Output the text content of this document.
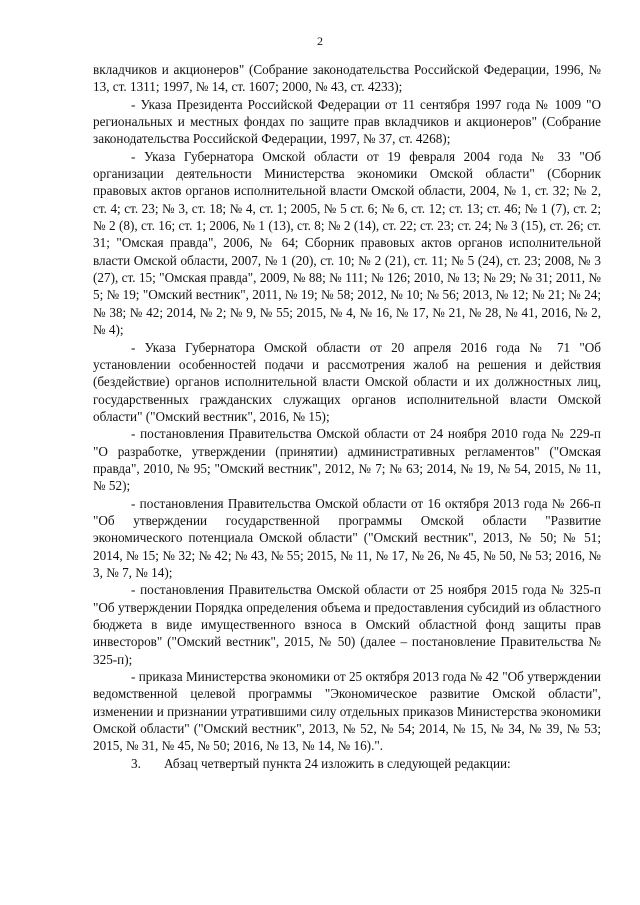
2

вкладчиков и акционеров" (Собрание законодательства Российской Федерации, 1996, № 13, ст. 1311; 1997, № 14, ст. 1607; 2000, № 43, ст. 4233);

- Указа Президента Российской Федерации от 11 сентября 1997 года № 1009 "О региональных и местных фондах по защите прав вкладчиков и акционеров" (Собрание законодательства Российской Федерации, 1997, № 37, ст. 4268);

- Указа Губернатора Омской области от 19 февраля 2004 года № 33 "Об организации деятельности Министерства экономики Омской области" (Сборник правовых актов органов исполнительной власти Омской области, 2004, № 1, ст. 32; № 2, ст. 4; ст. 23; № 3, ст. 18; № 4, ст. 1; 2005, № 5 ст. 6; № 6, ст. 12; ст. 13; ст. 46; № 1 (7), ст. 2; № 2 (8), ст. 16; ст. 1; 2006, № 1 (13), ст. 8; № 2 (14), ст. 22; ст. 23; ст. 24; № 3 (15), ст. 26; ст. 31; "Омская правда", 2006, № 64; Сборник правовых актов органов исполнительной власти Омской области, 2007, № 1 (20), ст. 10; № 2 (21), ст. 11; № 5 (24), ст. 23; 2008, № 3 (27), ст. 15; "Омская правда", 2009, № 88; № 111; № 126; 2010, № 13; № 29; № 31; 2011, № 5; № 19; "Омский вестник", 2011, № 19; № 58; 2012, № 10; № 56; 2013, № 12; № 21; № 24; № 38; № 42; 2014, № 2; № 9, № 55; 2015, № 4, № 16, № 17, № 21, № 28, № 41, 2016, № 2, № 4);

- Указа Губернатора Омской области от 20 апреля 2016 года № 71 "Об установлении особенностей подачи и рассмотрения жалоб на решения и действия (бездействие) органов исполнительной власти Омской области и их должностных лиц, государственных гражданских служащих органов исполнительной власти Омской области" ("Омский вестник", 2016, № 15);

- постановления Правительства Омской области от 24 ноября 2010 года № 229-п "О разработке, утверждении (принятии) административных регламентов" ("Омская правда", 2010, № 95; "Омский вестник", 2012, № 7; № 63; 2014, № 19, № 54, 2015, № 11, № 52);

- постановления Правительства Омской области от 16 октября 2013 года № 266-п "Об утверждении государственной программы Омской области "Развитие экономического потенциала Омской области" ("Омский вестник", 2013, № 50; № 51; 2014, № 15; № 32; № 42; № 43, № 55; 2015, № 11, № 17, № 26, № 45, № 50, № 53; 2016, № 3, № 7, № 14);

- постановления Правительства Омской области от 25 ноября 2015 года № 325-п "Об утверждении Порядка определения объема и предоставления субсидий из областного бюджета в виде имущественного взноса в Омский областной фонд защиты прав инвесторов" ("Омский вестник", 2015, № 50) (далее – постановление Правительства № 325-п);

- приказа Министерства экономики от 25 октября 2013 года № 42 "Об утверждении ведомственной целевой программы "Экономическое развитие Омской области", изменении и признании утратившими силу отдельных приказов Министерства экономики Омской области" ("Омский вестник", 2013, № 52, № 54; 2014, № 15, № 34, № 39, № 53; 2015, № 31, № 45, № 50; 2016, № 13, № 14, № 16).".

3. Абзац четвертый пункта 24 изложить в следующей редакции:
